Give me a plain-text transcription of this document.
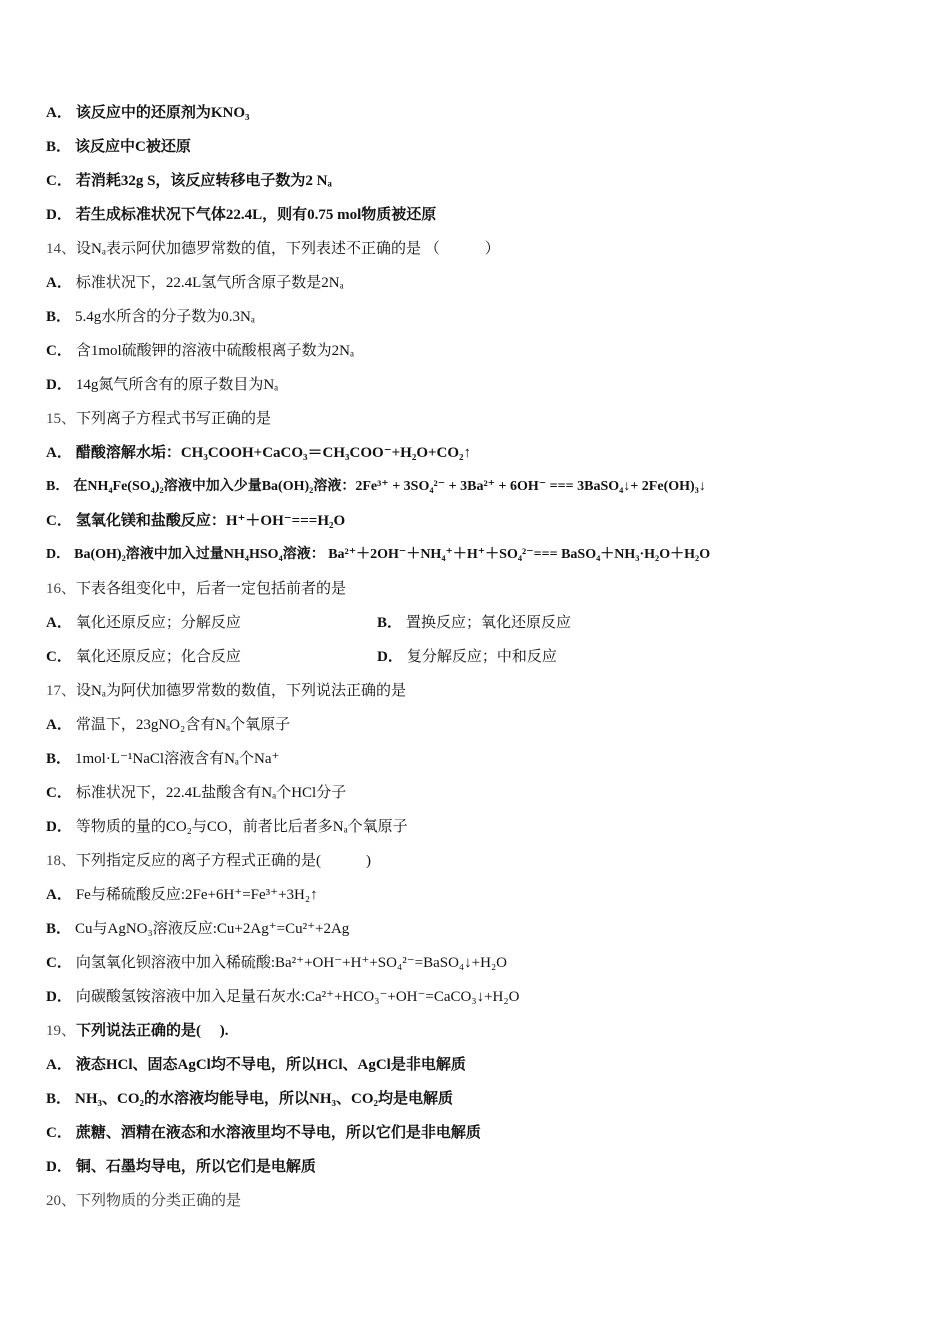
A． 该反应中的还原剂为KNO₃
B． 该反应中C被还原
C． 若消耗32g S，该反应转移电子数为2 Nₐ
D． 若生成标准状况下气体22.4L，则有0.75 mol物质被还原
14、设Nₐ表示阿伏加德罗常数的值，下列表述不正确的是 （　　　）
A． 标准状况下，22.4L氢气所含原子数是2Nₐ
B． 5.4g水所含的分子数为0.3Nₐ
C． 含1mol硫酸钾的溶液中硫酸根离子数为2Nₐ
D． 14g氮气所含有的原子数目为Nₐ
15、下列离子方程式书写正确的是
A． 醋酸溶解水垢：CH₃COOH+CaCO₃＝CH₃COO⁻+H₂O+CO₂↑
B． 在NH₄Fe(SO₄)₂溶液中加入少量Ba(OH)₂溶液：2Fe³⁺ + 3SO₄²⁻ + 3Ba²⁺ + 6OH⁻ === 3BaSO₄↓+ 2Fe(OH)₃↓
C． 氢氧化镁和盐酸反应：H⁺＋OH⁻===H₂O
D． Ba(OH)₂溶液中加入过量NH₄HSO₄溶液： Ba²⁺＋2OH⁻＋NH₄⁺＋H⁺＋SO₄²⁻=== BaSO₄＋NH₃·H₂O＋H₂O
16、下表各组变化中，后者一定包括前者的是
A． 氧化还原反应；分解反应	B． 置换反应；氧化还原反应
C． 氧化还原反应；化合反应	D． 复分解反应；中和反应
17、设Nₐ为阿伏加德罗常数的数值，下列说法正确的是
A． 常温下，23gNO₂含有Nₐ个氧原子
B． 1mol·L⁻¹NaCl溶液含有Nₐ个Na⁺
C． 标准状况下，22.4L盐酸含有Nₐ个HCl分子
D． 等物质的量的CO₂与CO，前者比后者多Nₐ个氧原子
18、下列指定反应的离子方程式正确的是(　　　)
A． Fe与稀硫酸反应:2Fe+6H⁺=Fe³⁺+3H₂↑
B． Cu与AgNO₃溶液反应:Cu+2Ag⁺=Cu²⁺+2Ag
C． 向氢氧化钡溶液中加入稀硫酸:Ba²⁺+OH⁻+H⁺+SO₄²⁻=BaSO₄↓+H₂O
D． 向碳酸氢铵溶液中加入足量石灰水:Ca²⁺+HCO₃⁻+OH⁻=CaCO₃↓+H₂O
19、下列说法正确的是(　 ).
A． 液态HCl、固态AgCl均不导电，所以HCl、AgCl是非电解质
B． NH₃、CO₂的水溶液均能导电，所以NH₃、CO₂均是电解质
C． 蔗糖、酒精在液态和水溶液里均不导电，所以它们是非电解质
D． 铜、石墨均导电，所以它们是电解质
20、下列物质的分类正确的是
